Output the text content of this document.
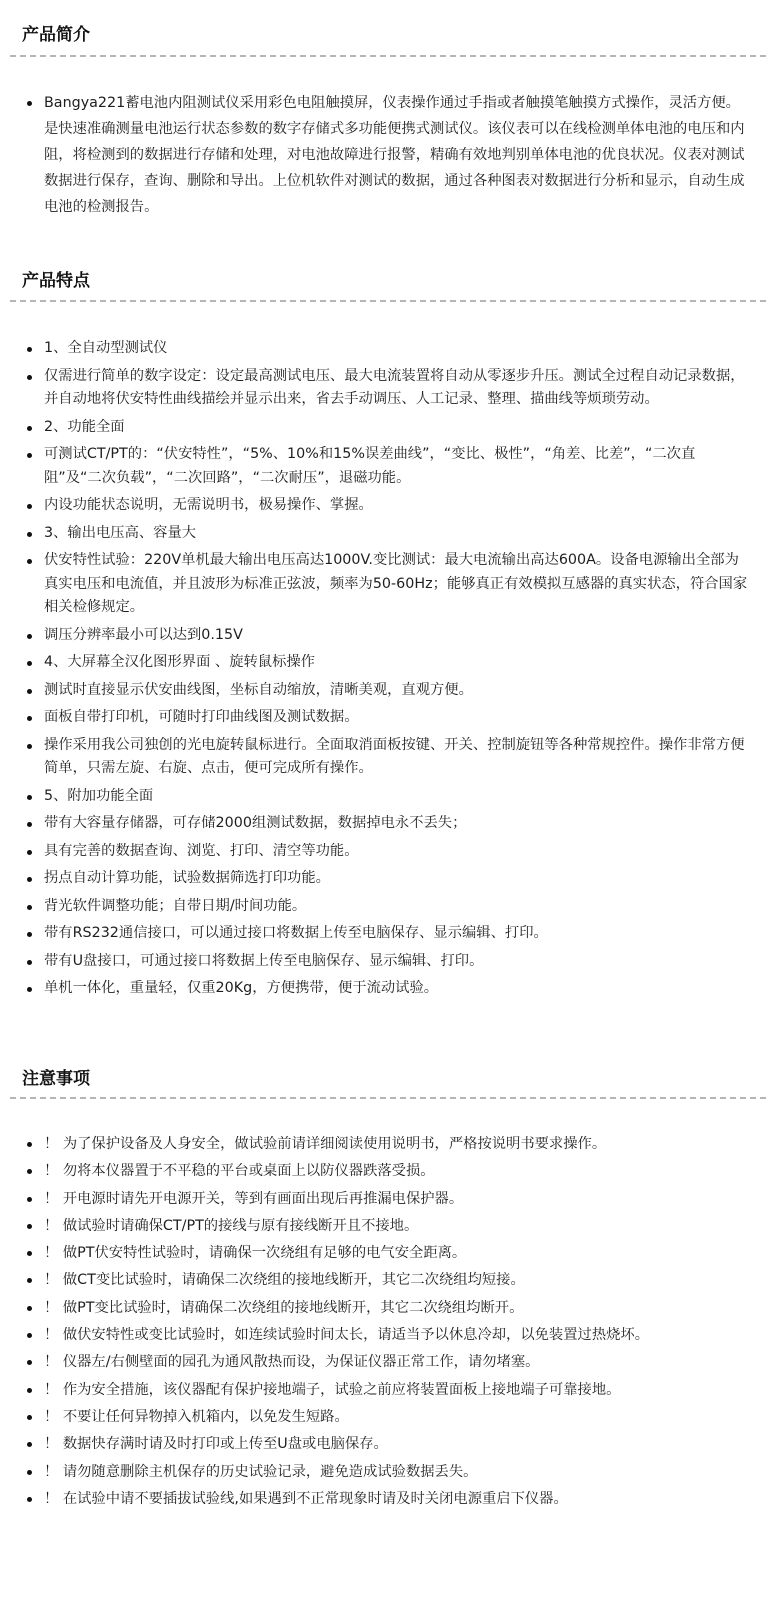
产品简介
Bangya221蓄电池内阻测试仪采用彩色电阻触摸屏，仪表操作通过手指或者触摸笔触摸方式操作，灵活方便。是快速准确测量电池运行状态参数的数字存储式多功能便携式测试仪。该仪表可以在线检测单体电池的电压和内阻，将检测到的数据进行存储和处理，对电池故障进行报警，精确有效地判别单体电池的优良状况。仪表对测试数据进行保存，查询、删除和导出。上位机软件对测试的数据，通过各种图表对数据进行分析和显示，自动生成电池的检测报告。
产品特点
1、全自动型测试仪
仅需进行简单的数字设定：设定最高测试电压、最大电流装置将自动从零逐步升压。测试全过程自动记录数据，并自动地将伏安特性曲线描绘并显示出来，省去手动调压、人工记录、整理、描曲线等烦琐劳动。
2、功能全面
可测试CT/PT的：“伏安特性”，“5%、10%和15%误差曲线”，“变比、极性”，“角差、比差”，“二次直阻”及“二次负载”，“二次回路”，“二次耐压”，退磁功能。
内设功能状态说明，无需说明书，极易操作、掌握。
3、输出电压高、容量大
伏安特性试验：220V单机最大输出电压高达1000V.变比测试：最大电流输出高达600A。设备电源输出全部为真实电压和电流值，并且波形为标准正弦波，频率为50-60Hz；能够真正有效模拟互感器的真实状态，符合国家相关检修规定。
调压分辨率最小可以达到0.15V
4、大屏幕全汉化图形界面 、旋转鼠标操作
测试时直接显示伏安曲线图，坐标自动缩放，清晰美观，直观方便。
面板自带打印机，可随时打印曲线图及测试数据。
操作采用我公司独创的光电旋转鼠标进行。全面取消面板按键、开关、控制旋钮等各种常规控件。操作非常方便简单，只需左旋、右旋、点击，便可完成所有操作。
5、附加功能全面
带有大容量存储器，可存储2000组测试数据，数据掉电永不丢失；
具有完善的数据查询、浏览、打印、清空等功能。
拐点自动计算功能，试验数据筛选打印功能。
背光软件调整功能；自带日期/时间功能。
带有RS232通信接口，可以通过接口将数据上传至电脑保存、显示编辑、打印。
带有U盘接口，可通过接口将数据上传至电脑保存、显示编辑、打印。
单机一体化，重量轻，仅重20Kg，方便携带，便于流动试验。
注意事项
！ 为了保护设备及人身安全，做试验前请详细阅读使用说明书，严格按说明书要求操作。
！ 勿将本仪器置于不平稳的平台或桌面上以防仪器跌落受损。
！ 开电源时请先开电源开关，等到有画面出现后再推漏电保护器。
！ 做试验时请确保CT/PT的接线与原有接线断开且不接地。
！ 做PT伏安特性试验时，请确保一次绕组有足够的电气安全距离。
！ 做CT变比试验时，请确保二次绕组的接地线断开，其它二次绕组均短接。
！ 做PT变比试验时，请确保二次绕组的接地线断开，其它二次绕组均断开。
！ 做伏安特性或变比试验时，如连续试验时间太长，请适当予以休息冷却，以免装置过热烧坏。
！ 仪器左/右侧壁面的园孔为通风散热而设，为保证仪器正常工作，请勿堵塞。
！ 作为安全措施，该仪器配有保护接地端子，试验之前应将装置面板上接地端子可靠接地。
！ 不要让任何异物掉入机箱内，以免发生短路。
！ 数据快存满时请及时打印或上传至U盘或电脑保存。
！ 请勿随意删除主机保存的历史试验记录，避免造成试验数据丢失。
！ 在试验中请不要插拔试验线,如果遇到不正常现象时请及时关闭电源重启下仪器。
